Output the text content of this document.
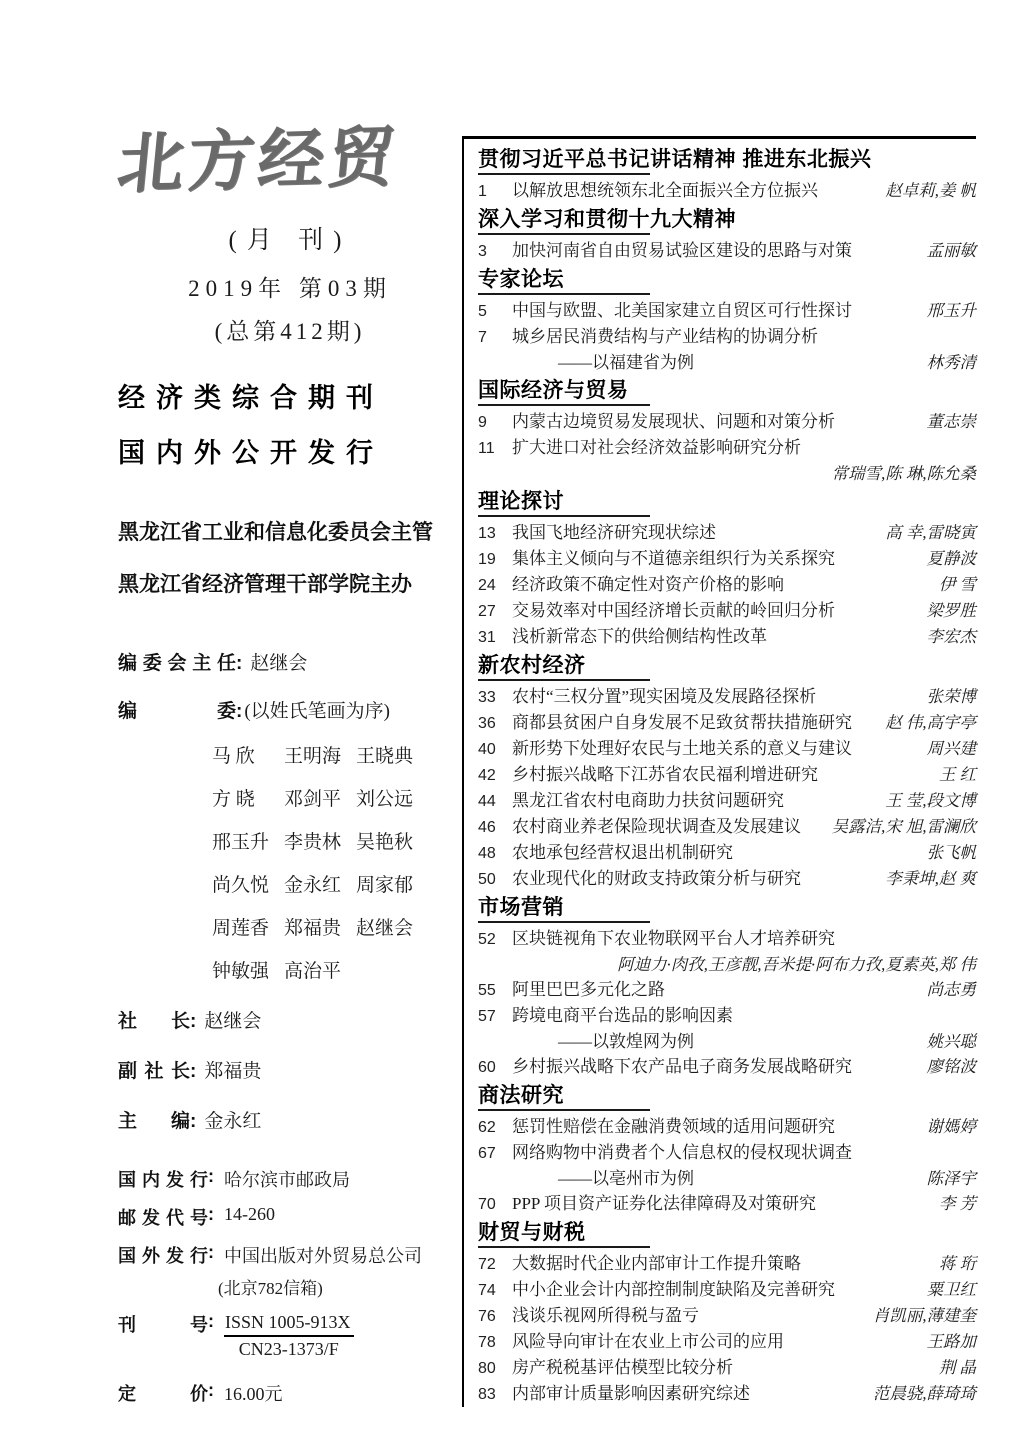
北方经贸
(月 刊)
2019年 第03期
(总第412期)
经济类综合期刊
国内外公开发行
黑龙江省工业和信息化委员会主管
黑龙江省经济管理干部学院主办
编委会主任: 赵继会
编委: (以姓氏笔画为序)
马 欣	王明海 王晓典
方 晓	邓剑平 刘公远
邢玉升 李贵林 吴艳秋
尚久悦 金永红 周家郁
周莲香 郑福贵 赵继会
钟敏强 高治平
社长: 赵继会
副社长: 郑福贵
主编: 金永红
国内发行 : 哈尔滨市邮政局
邮发代号 : 14-260
国外发行 : 中国出版对外贸易总公司
(北京782信箱)
刊号 : $\frac{\text{ISSN 1005-913X}}{CN23-1373/F}$
定价 : 16.00元
贯彻习近平总书记讲话精神 推进东北振兴
1	以解放思想统领东北全面振兴全方位振兴	赵卓莉,姜 帆
深入学习和贯彻十九大精神
3	加快河南省自由贸易试验区建设的思路与对策	孟丽敏
专家论坛
5	中国与欧盟、北美国家建立自贸区可行性探讨	邢玉升
7	城乡居民消费结构与产业结构的协调分析
——以福建省为例	林秀清
国际经济与贸易
9	内蒙古边境贸易发展现状、问题和对策分析	董志崇
11	扩大进口对社会经济效益影响研究分析
常瑞雪,陈 琳,陈允桑
理论探讨
13 我国飞地经济研究现状综述	高 幸,雷晓寅
19 集体主义倾向与不道德亲组织行为关系探究	夏静波
24 经济政策不确定性对资产价格的影响	伊 雪
27 交易效率对中国经济增长贡献的岭回归分析	梁罗胜
31 浅析新常态下的供给侧结构性改革	李宏杰
新农村经济
33 农村“三权分置”现实困境及发展路径探析	张荣博
36 商都县贫困户自身发展不足致贫帮扶措施研究	赵 伟,高宇亭
40 新形势下处理好农民与土地关系的意义与建议	周兴建
42 乡村振兴战略下江苏省农民福利增进研究	王 红
44 黑龙江省农村电商助力扶贫问题研究	王 莹,段文博
46 农村商业养老保险现状调查及发展建议	吴露洁,宋 旭,雷澜欣
48 农地承包经营权退出机制研究	张飞帆
50 农业现代化的财政支持政策分析与研究	李秉坤,赵 爽
市场营销
52 区块链视角下农业物联网平台人才培养研究
阿迪力·肉孜,王彦靓,吾米提·阿布力孜,夏素英,郑 伟
55 阿里巴巴多元化之路	尚志勇
57 跨境电商平台选品的影响因素
——以敦煌网为例	姚兴聪
60 乡村振兴战略下农产品电子商务发展战略研究	廖铭波
商法研究
62 惩罚性赔偿在金融消费领域的适用问题研究	谢媽婷
67 网络购物中消费者个人信息权的侵权现状调查
——以亳州市为例	陈泽宇
70 PPP 项目资产证券化法律障碍及对策研究	李 芳
财贸与财税
72 大数据时代企业内部审计工作提升策略	蒋 珩
74 中小企业会计内部控制制度缺陷及完善研究	粟卫红
76 浅谈乐视网所得税与盈亏	肖凯丽,薄建奎
78 风险导向审计在农业上市公司的应用	王路加
80 房产税税基评估模型比较分析	荆 晶
83 内部审计质量影响因素研究综述	范晨骁,薛琦琦
